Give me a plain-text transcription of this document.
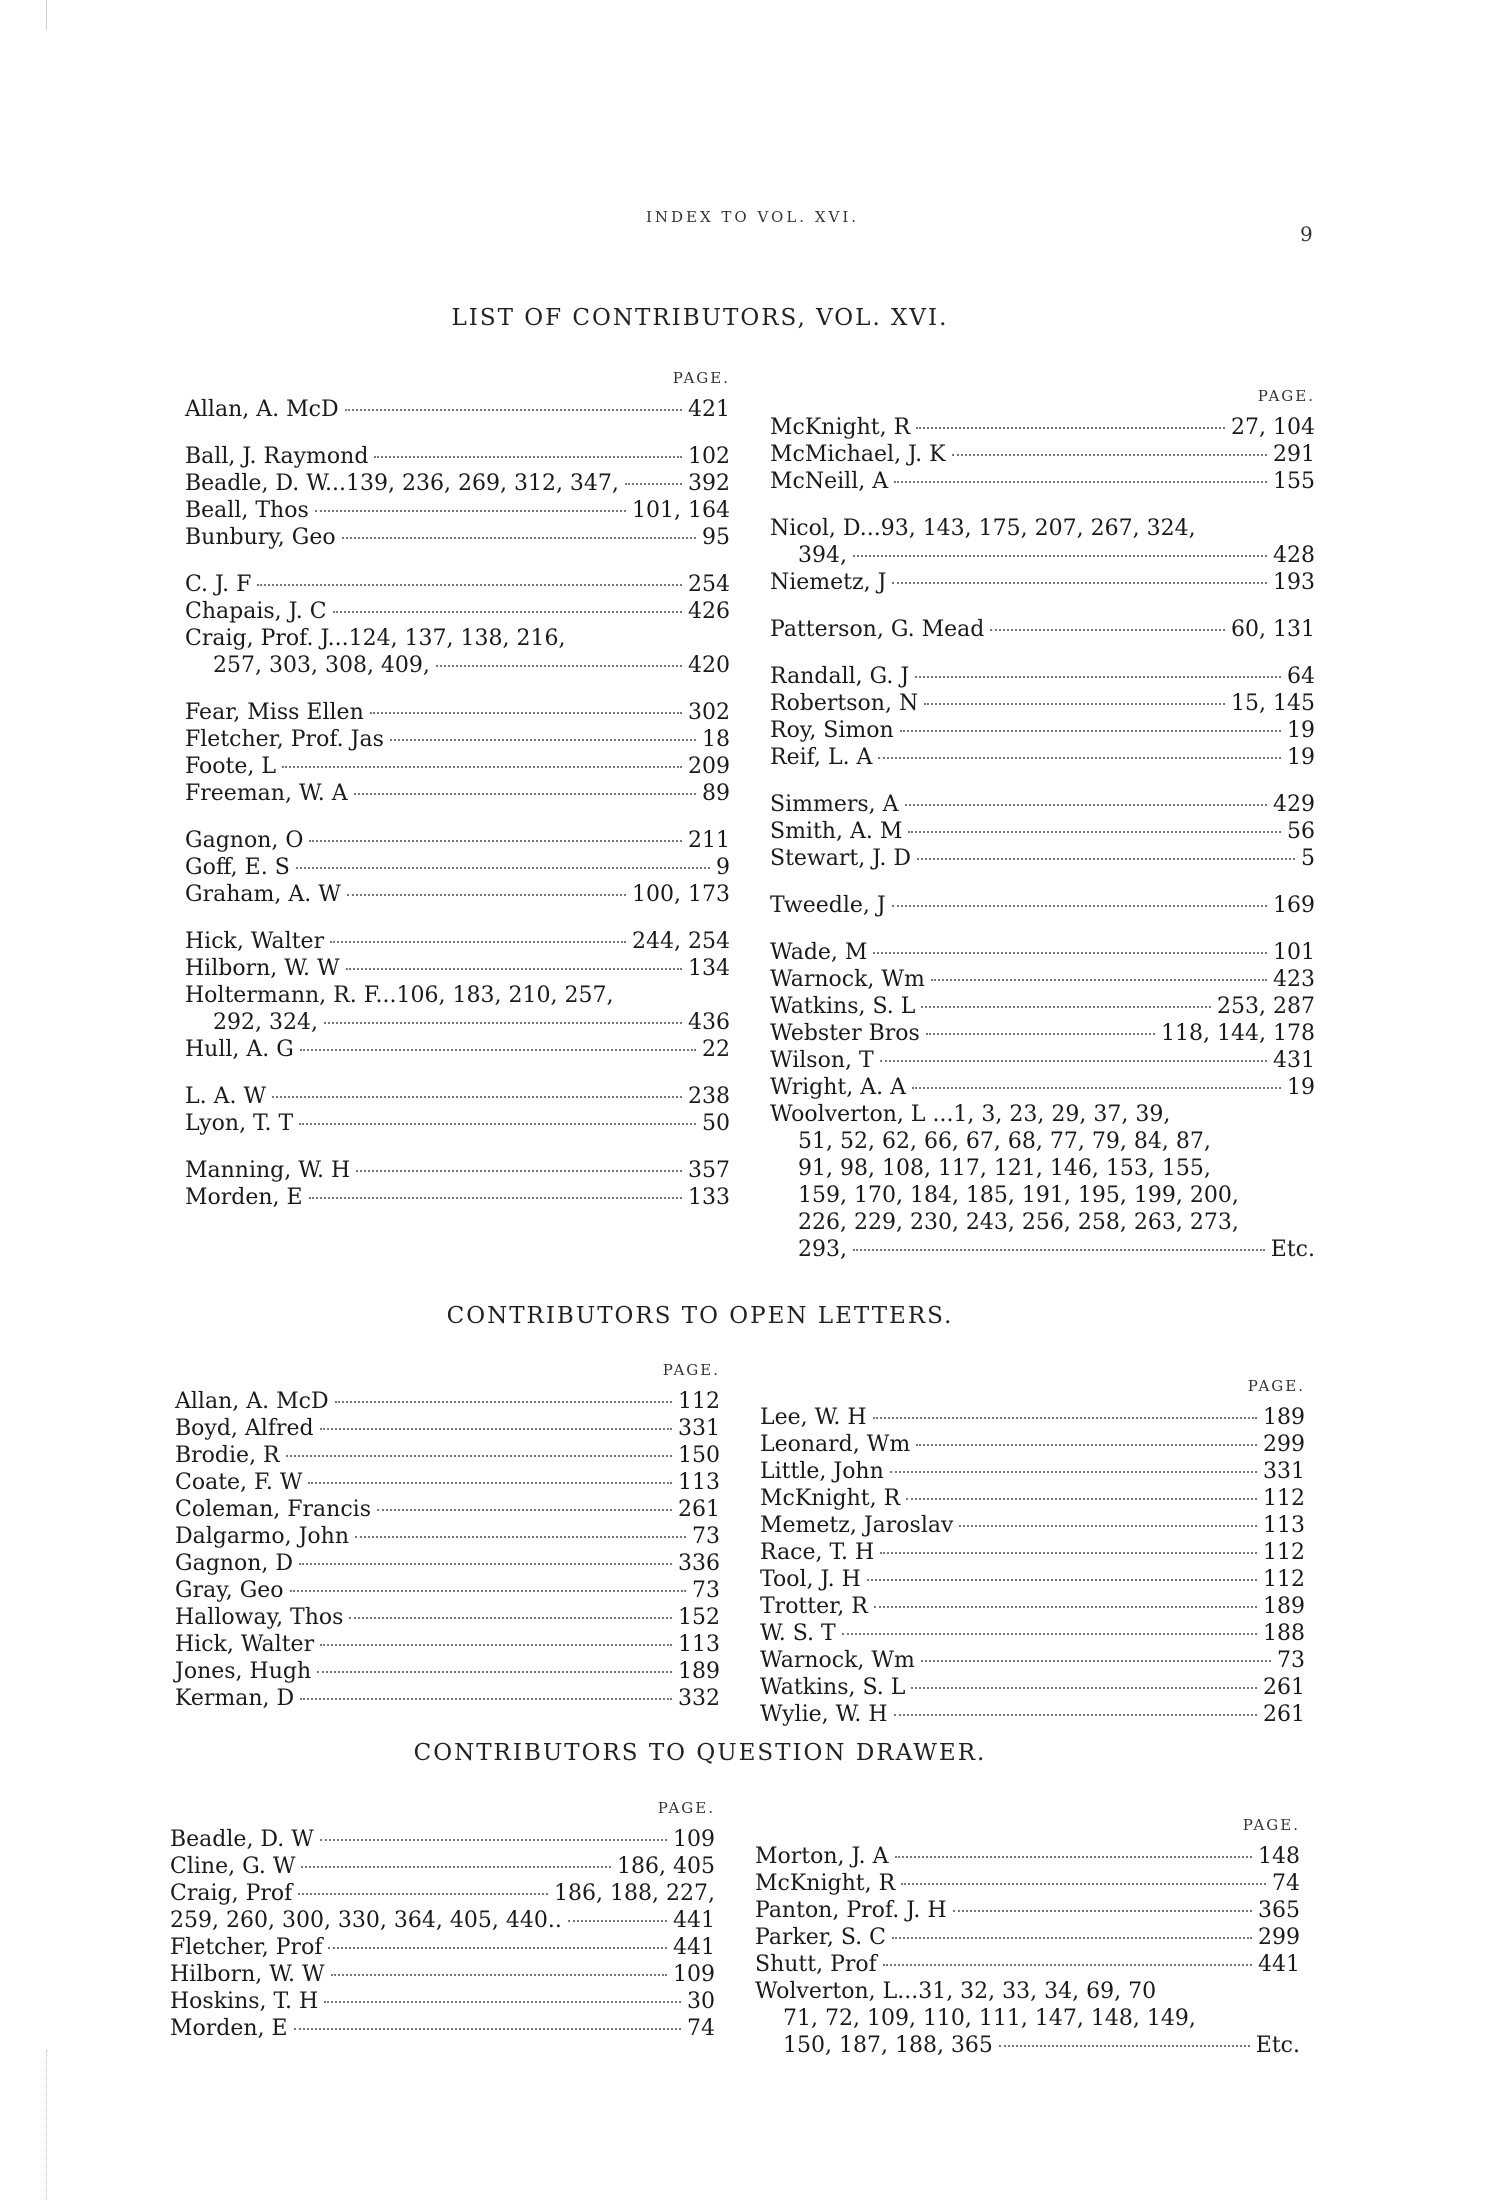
INDEX TO VOL. XVI.
9
LIST OF CONTRIBUTORS, VOL. XVI.
PAGE.
Allan, A. McD	421
Ball, J. Raymond	102
Beadle, D. W...139, 236, 269, 312, 347,	392
Beall, Thos	101, 164
Bunbury, Geo	95
C. J. F	254
Chapais, J. C	426
Craig, Prof. J...124, 137, 138, 216,
257, 303, 308, 409,	420
Fear, Miss Ellen	302
Fletcher, Prof. Jas	18
Foote, L	209
Freeman, W. A	89
Gagnon, O	211
Goff, E. S	9
Graham, A. W	100, 173
Hick, Walter	244, 254
Hilborn, W. W	134
Holtermann, R. F...106, 183, 210, 257,
292, 324,	436
Hull, A. G	22
L. A. W	238
Lyon, T. T	50
Manning, W. H	357
Morden, E	133
PAGE.
McKnight, R	27, 104
McMichael, J. K	291
McNeill, A	155
Nicol, D...93, 143, 175, 207, 267, 324,
394,	428
Niemetz, J	193
Patterson, G. Mead	60, 131
Randall, G. J	64
Robertson, N	15, 145
Roy, Simon	19
Reif, L. A	19
Simmers, A	429
Smith, A. M	56
Stewart, J. D	5
Tweedle, J	169
Wade, M	101
Warnock, Wm	423
Watkins, S. L	253, 287
Webster Bros	118, 144, 178
Wilson, T	431
Wright, A. A	19
Woolverton, L ...1, 3, 23, 29, 37, 39,
51, 52, 62, 66, 67, 68, 77, 79, 84, 87,
91, 98, 108, 117, 121, 146, 153, 155,
159, 170, 184, 185, 191, 195, 199, 200,
226, 229, 230, 243, 256, 258, 263, 273,
293,	Etc.
CONTRIBUTORS TO OPEN LETTERS.
PAGE.
Allan, A. McD	112
Boyd, Alfred	331
Brodie, R	150
Coate, F. W	113
Coleman, Francis	261
Dalgarmo, John	73
Gagnon, D	336
Gray, Geo	73
Halloway, Thos	152
Hick, Walter	113
Jones, Hugh	189
Kerman, D	332
PAGE.
Lee, W. H	189
Leonard, Wm	299
Little, John	331
McKnight, R	112
Memetz, Jaroslav	113
Race, T. H	112
Tool, J. H	112
Trotter, R	189
W. S. T	188
Warnock, Wm	73
Watkins, S. L	261
Wylie, W. H	261
CONTRIBUTORS TO QUESTION DRAWER.
PAGE.
Beadle, D. W	109
Cline, G. W	186, 405
Craig, Prof	186, 188, 227,
259, 260, 300, 330, 364, 405, 440..	441
Fletcher, Prof	441
Hilborn, W. W	109
Hoskins, T. H	30
Morden, E	74
PAGE.
Morton, J. A	148
McKnight, R	74
Panton, Prof. J. H	365
Parker, S. C	299
Shutt, Prof	441
Wolverton, L...31, 32, 33, 34, 69, 70
71, 72, 109, 110, 111, 147, 148, 149,
150, 187, 188, 365	Etc.
